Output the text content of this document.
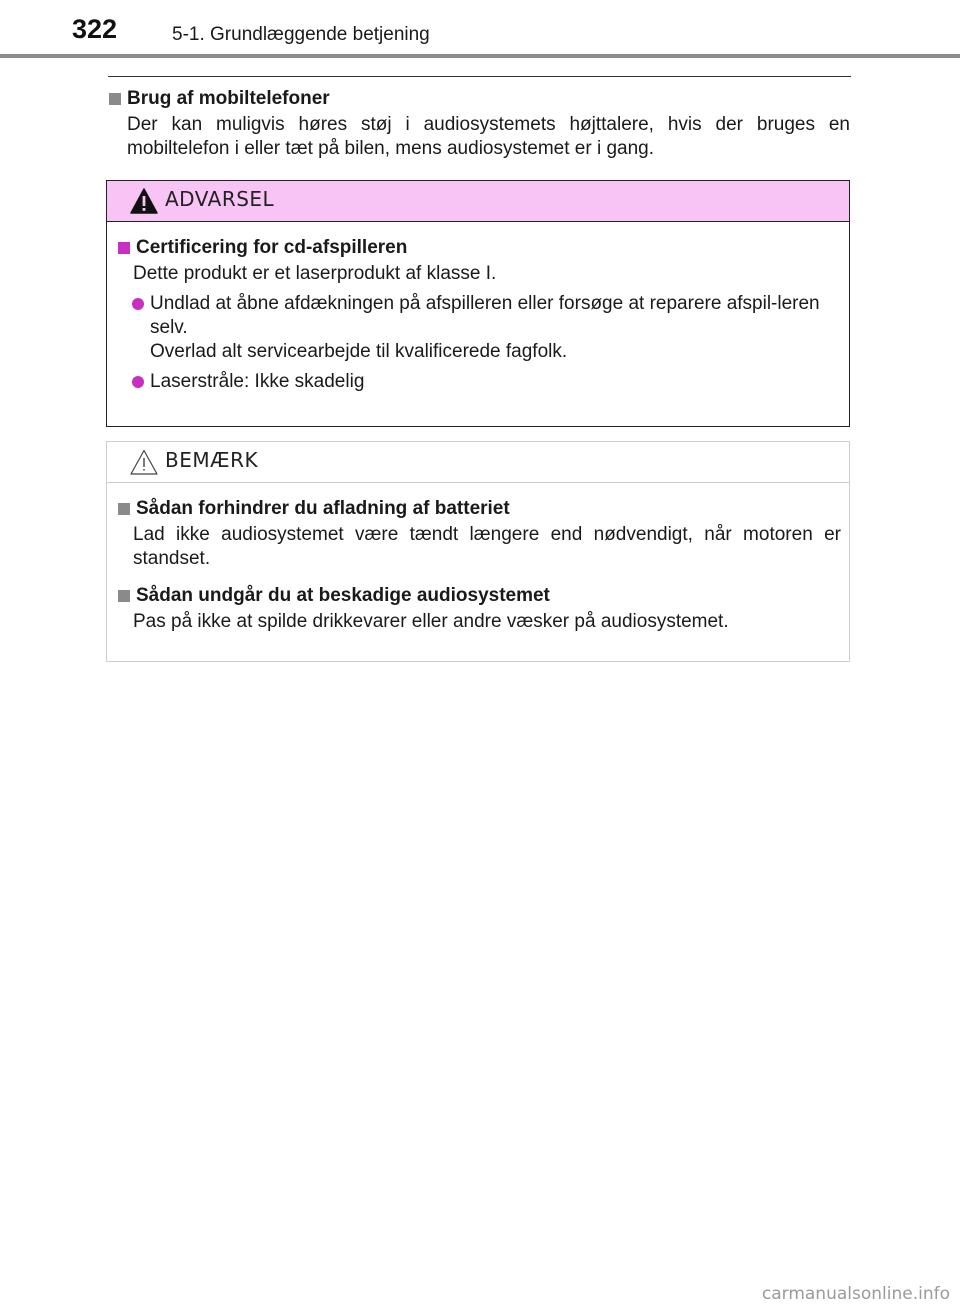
322	5-1. Grundlæggende betjening
Brug af mobiltelefoner
Der kan muligvis høres støj i audiosystemets højttalere, hvis der bruges en mobiltelefon i eller tæt på bilen, mens audiosystemet er i gang.
ADVARSEL
Certificering for cd-afspilleren
Dette produkt er et laserprodukt af klasse I.
Undlad at åbne afdækningen på afspilleren eller forsøge at reparere afspil-leren selv.
Overlad alt servicearbejde til kvalificerede fagfolk.
Laserstråle: Ikke skadelig
BEMÆRK
Sådan forhindrer du afladning af batteriet
Lad ikke audiosystemet være tændt længere end nødvendigt, når motoren er standset.
Sådan undgår du at beskadige audiosystemet
Pas på ikke at spilde drikkevarer eller andre væsker på audiosystemet.
carmanualsonline.info
